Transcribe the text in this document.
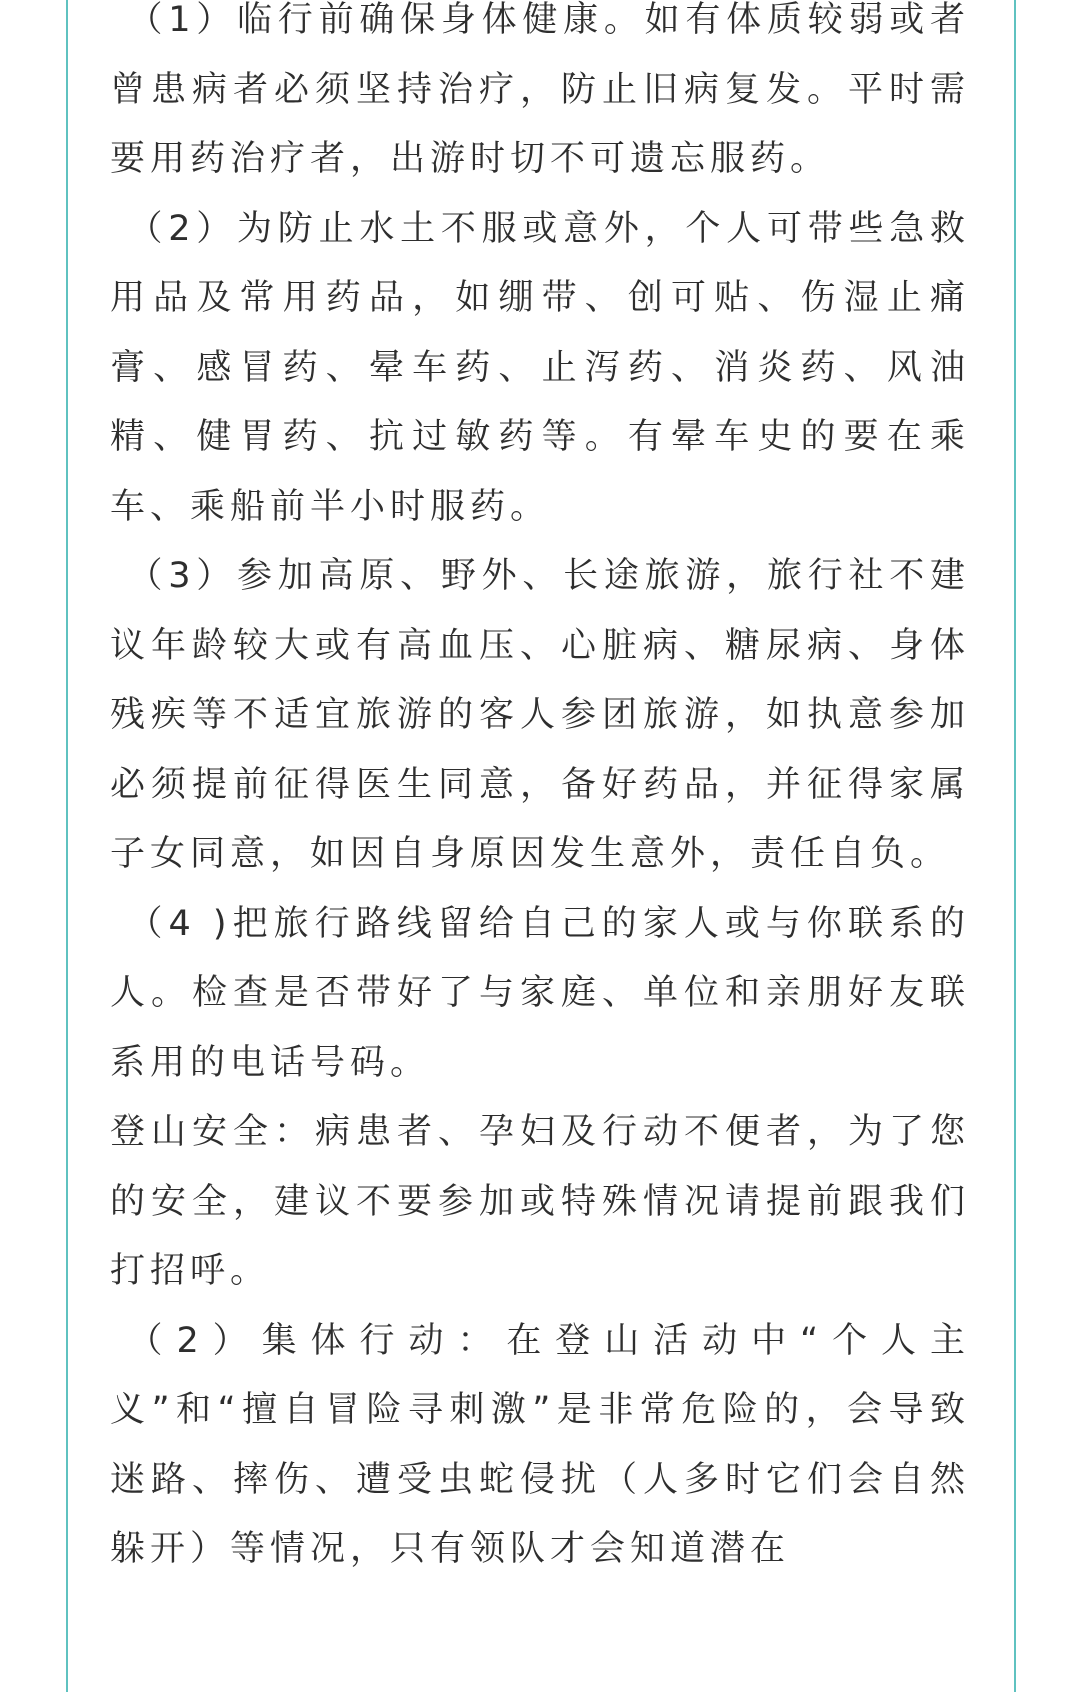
（1）临行前确保身体健康。如有体质较弱或者曾患病者必须坚持治疗，防止旧病复发。平时需要用药治疗者，出游时切不可遗忘服药。

（2）为防止水土不服或意外，个人可带些急救用品及常用药品，如绷带、创可贴、伤湿止痛膏、感冒药、晕车药、止泻药、消炎药、风油精、健胃药、抗过敏药等。有晕车史的要在乘车、乘船前半小时服药。

（3）参加高原、野外、长途旅游，旅行社不建议年龄较大或有高血压、心脏病、糖尿病、身体残疾等不适宜旅游的客人参团旅游，如执意参加必须提前征得医生同意，备好药品，并征得家属子女同意，如因自身原因发生意外，责任自负。

（4 )把旅行路线留给自己的家人或与你联系的人。检查是否带好了与家庭、单位和亲朋好友联系用的电话号码。

登山安全：病患者、孕妇及行动不便者，为了您的安全，建议不要参加或特殊情况请提前跟我们打招呼。

（2）集体行动：在登山活动中“个人主义”和“擅自冒险寻刺激”是非常危险的，会导致迷路、摔伤、遭受虫蛇侵扰（人多时它们会自然躲开）等情况，只有领队才会知道潜在
